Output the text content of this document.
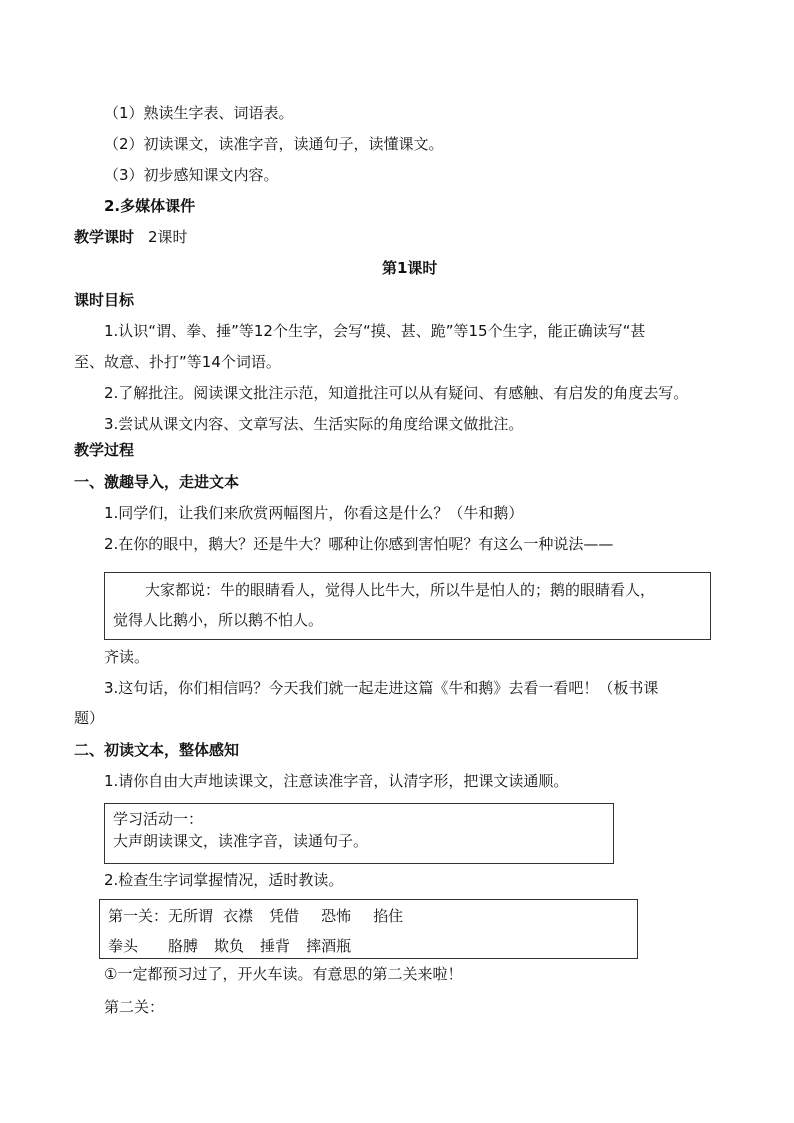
（1）熟读生字表、词语表。
（2）初读课文，读准字音，读通句子，读懂课文。
（3）初步感知课文内容。
2.多媒体课件
教学课时 2课时
第1课时
课时目标
1.认识“谓、拳、捶”等12个生字，会写“摸、甚、跪”等15个生字，能正确读写“甚
至、故意、扑打”等14个词语。
2.了解批注。阅读课文批注示范，知道批注可以从有疑问、有感触、有启发的角度去写。
3.尝试从课文内容、文章写法、生活实际的角度给课文做批注。
教学过程
一、激趣导入，走进文本
1.同学们，让我们来欣赏两幅图片，你看这是什么？（牛和鹅）
2.在你的眼中，鹅大？还是牛大？哪种让你感到害怕呢？有这么一种说法——
大家都说：牛的眼睛看人，觉得人比牛大，所以牛是怕人的；鹅的眼睛看人，
觉得人比鹅小，所以鹅不怕人。
齐读。
3.这句话，你们相信吗？今天我们就一起走进这篇《牛和鹅》去看一看吧！（板书课
题）
二、初读文本，整体感知
1.请你自由大声地读课文，注意读准字音，认清字形，把课文读通顺。
学习活动一：
大声朗读课文，读准字音，读通句子。
2.检查生字词掌握情况，适时教读。
第一关：无所谓 衣襟 凭借 恐怖 掐住
拳头 胳膊 欺负 捶背 摔酒瓶
①一定都预习过了，开火车读。有意思的第二关来啦！
第二关：
